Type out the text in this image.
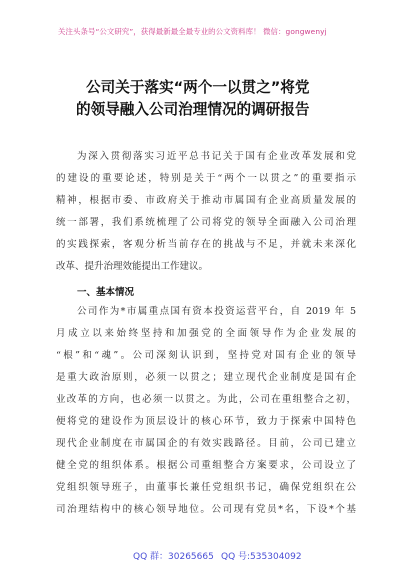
关注头条号“公文研究”，获得最新最全最专业的公文资料库！ 微信：gongwenyj
公司关于落实“两个一以贯之”将党
的领导融入公司治理情况的调研报告
为深入贯彻落实习近平总书记关于国有企业改革发展和党
的建设的重要论述，特别是关于“两个一以贯之”的重要指示
精神，根据市委、市政府关于推动市属国有企业高质量发展的
统一部署，我们系统梳理了公司将党的领导全面融入公司治理
的实践探索，客观分析当前存在的挑战与不足，并就未来深化
改革、提升治理效能提出工作建议。
一、基本情况
公司作为*市属重点国有资本投资运营平台，自 2019 年 5
月成立以来始终坚持和加强党的全面领导作为企业发展的
“根”和“魂”。公司深刻认识到，坚持党对国有企业的领导
是重大政治原则，必须一以贯之；建立现代企业制度是国有企
业改革的方向，也必须一以贯之。为此，公司在重组整合之初，
便将党的建设作为顶层设计的核心环节，致力于探索中国特色
现代企业制度在市属国企的有效实践路径。目前，公司已建立
健全党的组织体系。根据公司重组整合方案要求，公司设立了
党组织领导班子，由董事长兼任党组织书记，确保党组织在公
司治理结构中的核心领导地位。公司现有党员*名，下设*个基
QQ 群：30265665 QQ 号:535304092
